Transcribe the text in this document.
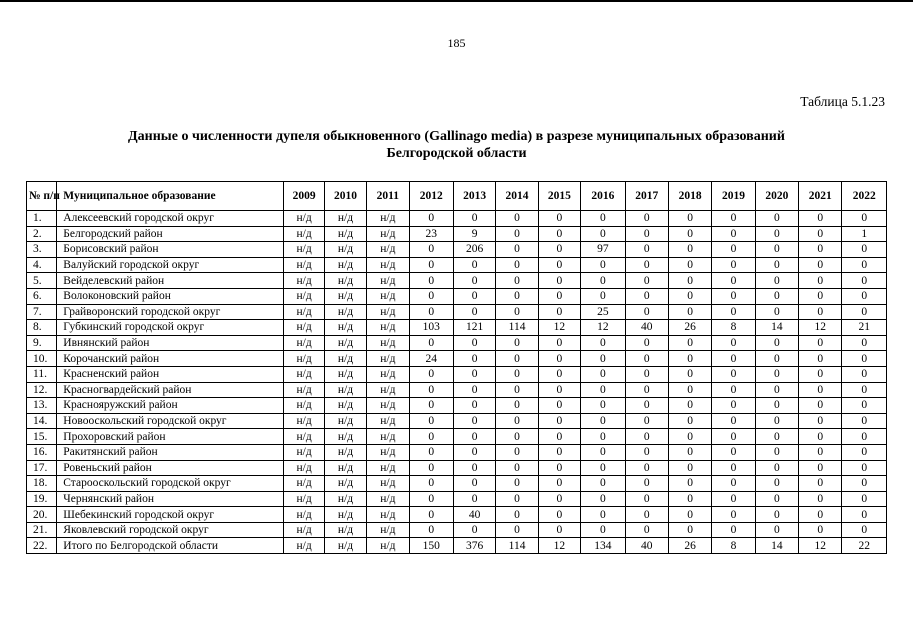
185
Таблица 5.1.23
Данные о численности дупеля обыкновенного (Gallinago media) в разрезе муниципальных образований
Белгородской области
№ п/п	Муниципальное образование	2009	2010	2011	2012	2013	2014	2015	2016	2017	2018	2019	2020	2021	2022
1.	Алексеевский городской округ	н/д	н/д	н/д	0	0	0	0	0	0	0	0	0	0	0
2.	Белгородский район	н/д	н/д	н/д	23	9	0	0	0	0	0	0	0	0	1
3.	Борисовский район	н/д	н/д	н/д	0	206	0	0	97	0	0	0	0	0	0
4.	Валуйский городской округ	н/д	н/д	н/д	0	0	0	0	0	0	0	0	0	0	0
5.	Вейделевский район	н/д	н/д	н/д	0	0	0	0	0	0	0	0	0	0	0
6.	Волоконовский район	н/д	н/д	н/д	0	0	0	0	0	0	0	0	0	0	0
7.	Грайворонский городской округ	н/д	н/д	н/д	0	0	0	0	25	0	0	0	0	0	0
8.	Губкинский городской округ	н/д	н/д	н/д	103	121	114	12	12	40	26	8	14	12	21
9.	Ивнянский район	н/д	н/д	н/д	0	0	0	0	0	0	0	0	0	0	0
10.	Корочанский район	н/д	н/д	н/д	24	0	0	0	0	0	0	0	0	0	0
11.	Красненский район	н/д	н/д	н/д	0	0	0	0	0	0	0	0	0	0	0
12.	Красногвардейский район	н/д	н/д	н/д	0	0	0	0	0	0	0	0	0	0	0
13.	Краснояружский район	н/д	н/д	н/д	0	0	0	0	0	0	0	0	0	0	0
14.	Новооскольский городской округ	н/д	н/д	н/д	0	0	0	0	0	0	0	0	0	0	0
15.	Прохоровский район	н/д	н/д	н/д	0	0	0	0	0	0	0	0	0	0	0
16.	Ракитянский район	н/д	н/д	н/д	0	0	0	0	0	0	0	0	0	0	0
17.	Ровеньский район	н/д	н/д	н/д	0	0	0	0	0	0	0	0	0	0	0
18.	Старооскольский городской округ	н/д	н/д	н/д	0	0	0	0	0	0	0	0	0	0	0
19.	Чернянский район	н/д	н/д	н/д	0	0	0	0	0	0	0	0	0	0	0
20.	Шебекинский городской округ	н/д	н/д	н/д	0	40	0	0	0	0	0	0	0	0	0
21.	Яковлевский городской округ	н/д	н/д	н/д	0	0	0	0	0	0	0	0	0	0	0
22.	Итого по Белгородской области	н/д	н/д	н/д	150	376	114	12	134	40	26	8	14	12	22
